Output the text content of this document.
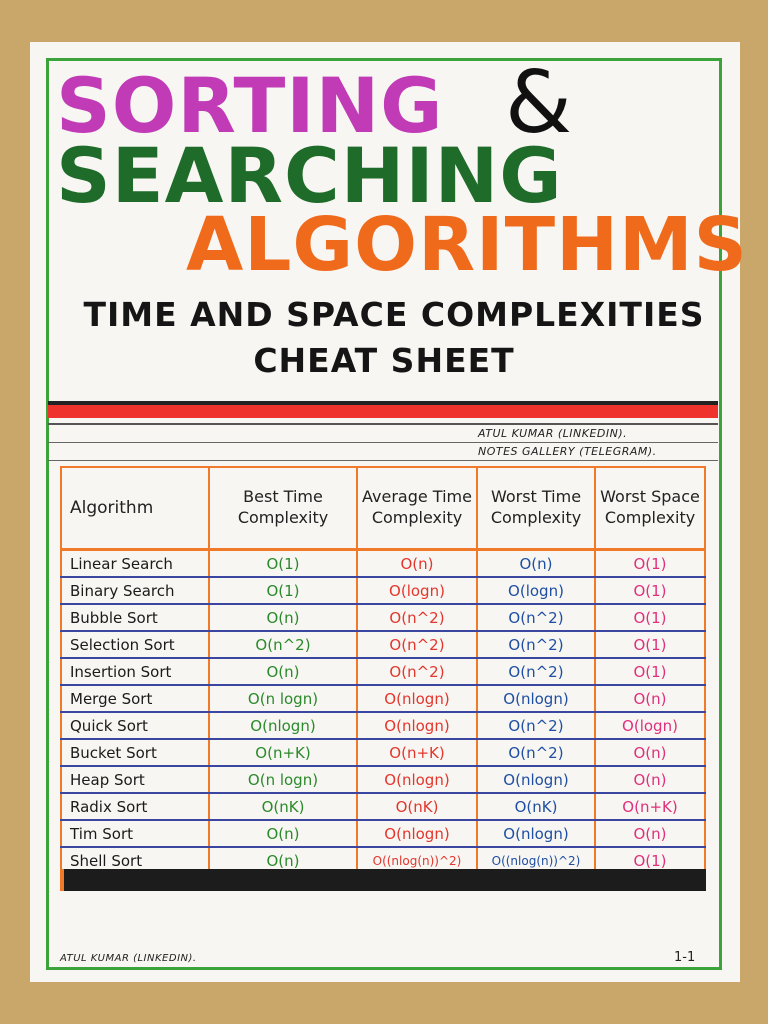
SORTING &
SEARCHING
ALGORITHMS
TIME AND SPACE COMPLEXITIES
CHEAT SHEET

ATUL KUMAR (LINKEDIN).

NOTES GALLERY (TELEGRAM).

Algorithm	Best Time Complexity	Average Time Complexity	Worst Time Complexity	Worst Space Complexity
Linear Search	O(1)	O(n)	O(n)	O(1)
Binary Search	O(1)	O(logn)	O(logn)	O(1)
Bubble Sort	O(n)	O(n^2)	O(n^2)	O(1)
Selection Sort	O(n^2)	O(n^2)	O(n^2)	O(1)
Insertion Sort	O(n)	O(n^2)	O(n^2)	O(1)
Merge Sort	O(n logn)	O(nlogn)	O(nlogn)	O(n)
Quick Sort	O(nlogn)	O(nlogn)	O(n^2)	O(logn)
Bucket Sort	O(n+K)	O(n+K)	O(n^2)	O(n)
Heap Sort	O(n logn)	O(nlogn)	O(nlogn)	O(n)
Radix Sort	O(nK)	O(nK)	O(nK)	O(n+K)
Tim Sort	O(n)	O(nlogn)	O(nlogn)	O(n)
Shell Sort	O(n)	O((nlog(n))^2)	O((nlog(n))^2)	O(1)

ATUL KUMAR (LINKEDIN).	1-1
